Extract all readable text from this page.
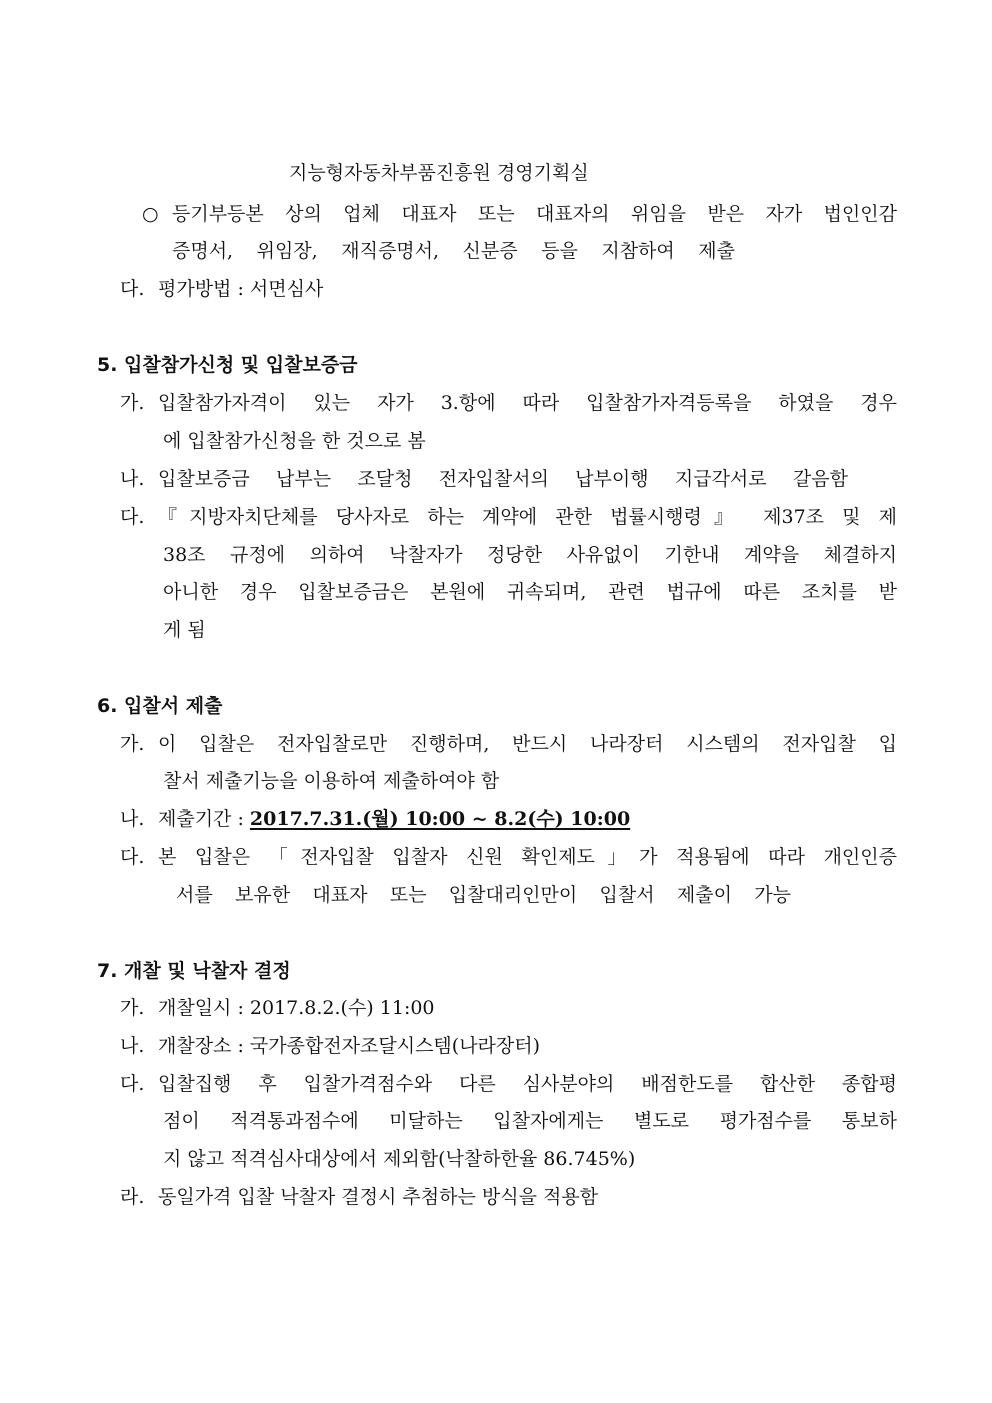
지능형자동차부품진흥원 경영기획실
○ 등기부등본 상의 업체 대표자 또는 대표자의 위임을 받은 자가 법인인감
증명서, 위임장, 재직증명서, 신분증 등을 지참하여 제출
다. 평가방법 : 서면심사
5. 입찰참가신청 및 입찰보증금
가. 입찰참가자격이 있는 자가 3.항에 따라 입찰참가자격등록을 하였을 경우
에 입찰참가신청을 한 것으로 봄
나. 입찰보증금 납부는 조달청 전자입찰서의 납부이행 지급각서로 갈음함
다. 『지방자치단체를 당사자로 하는 계약에 관한 법률시행령』 제37조 및 제
38조 규정에 의하여 낙찰자가 정당한 사유없이 기한내 계약을 체결하지
아니한 경우 입찰보증금은 본원에 귀속되며, 관련 법규에 따른 조치를 받
게 됨
6. 입찰서 제출
가. 이 입찰은 전자입찰로만 진행하며, 반드시 나라장터 시스템의 전자입찰 입
찰서 제출기능을 이용하여 제출하여야 함
나. 제출기간 : 2017.7.31.(월) 10:00 ~ 8.2(수) 10:00
다. 본 입찰은 「전자입찰 입찰자 신원 확인제도」가 적용됨에 따라 개인인증
서를 보유한 대표자 또는 입찰대리인만이 입찰서 제출이 가능
7. 개찰 및 낙찰자 결정
가. 개찰일시 : 2017.8.2.(수) 11:00
나. 개찰장소 : 국가종합전자조달시스템(나라장터)
다. 입찰집행 후 입찰가격점수와 다른 심사분야의 배점한도를 합산한 종합평
점이 적격통과점수에 미달하는 입찰자에게는 별도로 평가점수를 통보하
지 않고 적격심사대상에서 제외함(낙찰하한율 86.745%)
라. 동일가격 입찰 낙찰자 결정시 추첨하는 방식을 적용함
